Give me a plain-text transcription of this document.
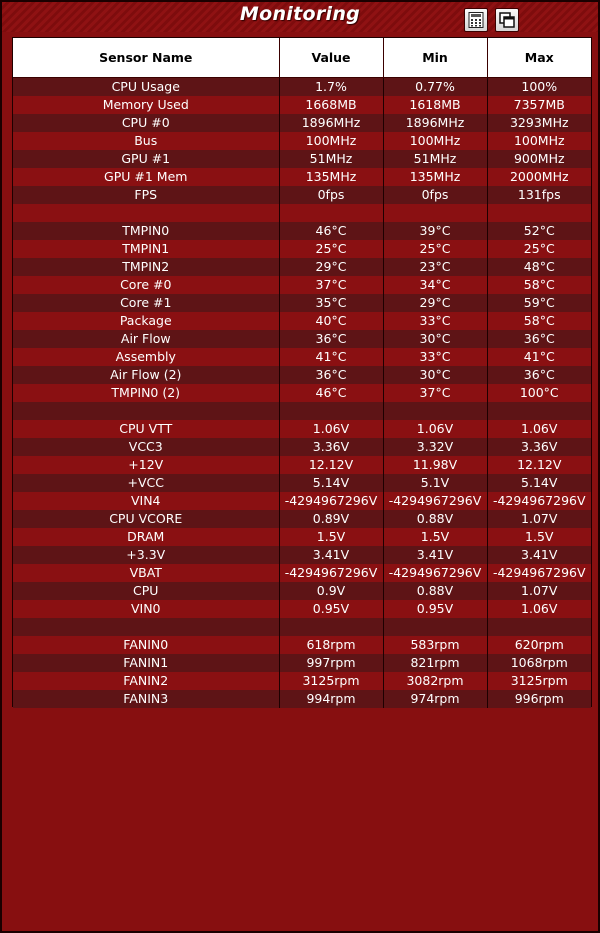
Monitoring
Sensor Name	Value	Min	Max
CPU Usage	1.7%	0.77%	100%
Memory Used	1668MB	1618MB	7357MB
CPU #0	1896MHz	1896MHz	3293MHz
Bus	100MHz	100MHz	100MHz
GPU #1	51MHz	51MHz	900MHz
GPU #1 Mem	135MHz	135MHz	2000MHz
FPS	0fps	0fps	131fps

TMPIN0	46°C	39°C	52°C
TMPIN1	25°C	25°C	25°C
TMPIN2	29°C	23°C	48°C
Core #0	37°C	34°C	58°C
Core #1	35°C	29°C	59°C
Package	40°C	33°C	58°C
Air Flow	36°C	30°C	36°C
Assembly	41°C	33°C	41°C
Air Flow (2)	36°C	30°C	36°C
TMPIN0 (2)	46°C	37°C	100°C

CPU VTT	1.06V	1.06V	1.06V
VCC3	3.36V	3.32V	3.36V
+12V	12.12V	11.98V	12.12V
+VCC	5.14V	5.1V	5.14V
VIN4	-4294967296V	-4294967296V	-4294967296V
CPU VCORE	0.89V	0.88V	1.07V
DRAM	1.5V	1.5V	1.5V
+3.3V	3.41V	3.41V	3.41V
VBAT	-4294967296V	-4294967296V	-4294967296V
CPU	0.9V	0.88V	1.07V
VIN0	0.95V	0.95V	1.06V

FANIN0	618rpm	583rpm	620rpm
FANIN1	997rpm	821rpm	1068rpm
FANIN2	3125rpm	3082rpm	3125rpm
FANIN3	994rpm	974rpm	996rpm
